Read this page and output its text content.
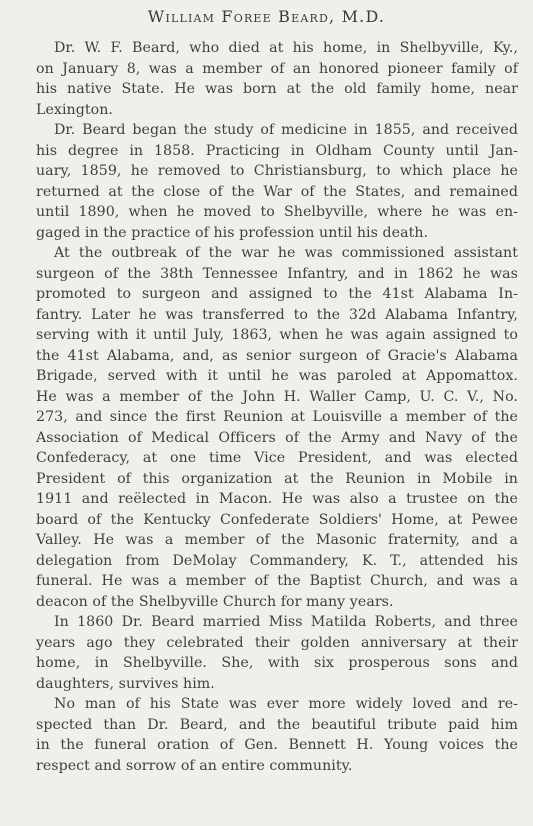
William Foree Beard, M.D.
Dr. W. F. Beard, who died at his home, in Shelbyville, Ky.,
on January 8, was a member of an honored pioneer family of
his native State. He was born at the old family home, near
Lexington.
Dr. Beard began the study of medicine in 1855, and received
his degree in 1858. Practicing in Oldham County until Jan-
uary, 1859, he removed to Christiansburg, to which place he
returned at the close of the War of the States, and remained
until 1890, when he moved to Shelbyville, where he was en-
gaged in the practice of his profession until his death.
At the outbreak of the war he was commissioned assistant
surgeon of the 38th Tennessee Infantry, and in 1862 he was
promoted to surgeon and assigned to the 41st Alabama In-
fantry. Later he was transferred to the 32d Alabama Infantry,
serving with it until July, 1863, when he was again assigned to
the 41st Alabama, and, as senior surgeon of Gracie's Alabama
Brigade, served with it until he was paroled at Appomattox.
He was a member of the John H. Waller Camp, U. C. V., No.
273, and since the first Reunion at Louisville a member of the
Association of Medical Officers of the Army and Navy of the
Confederacy, at one time Vice President, and was elected
President of this organization at the Reunion in Mobile in
1911 and reëlected in Macon. He was also a trustee on the
board of the Kentucky Confederate Soldiers' Home, at Pewee
Valley. He was a member of the Masonic fraternity, and a
delegation from DeMolay Commandery, K. T., attended his
funeral. He was a member of the Baptist Church, and was a
deacon of the Shelbyville Church for many years.
In 1860 Dr. Beard married Miss Matilda Roberts, and three
years ago they celebrated their golden anniversary at their
home, in Shelbyville. She, with six prosperous sons and
daughters, survives him.
No man of his State was ever more widely loved and re-
spected than Dr. Beard, and the beautiful tribute paid him
in the funeral oration of Gen. Bennett H. Young voices the
respect and sorrow of an entire community.
